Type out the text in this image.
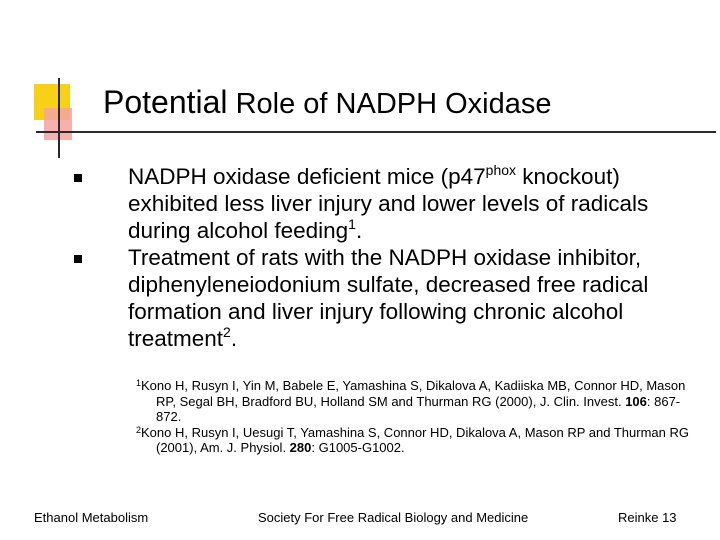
Potential Role of NADPH Oxidase
NADPH oxidase deficient mice ($p47^{phox}$ knockout) exhibited less liver injury and lower levels of radicals during alcohol feeding$^1$.
Treatment of rats with the NADPH oxidase inhibitor, diphenyleneiodonium sulfate, decreased free radical formation and liver injury following chronic alcohol treatment$^2$.
$^1$Kono H, Rusyn I, Yin M, Babele E, Yamashina S, Dikalova A, Kadiiska MB, Connor HD, Mason RP, Segal BH, Bradford BU, Holland SM and Thurman RG (2000), J. Clin. Invest. 106: 867-872.
$^2$Kono H, Rusyn I, Uesugi T, Yamashina S, Connor HD, Dikalova A, Mason RP and Thurman RG (2001), Am. J. Physiol. 280: G1005-G1002.
Ethanol Metabolism	Society For Free Radical Biology and Medicine	Reinke 13
